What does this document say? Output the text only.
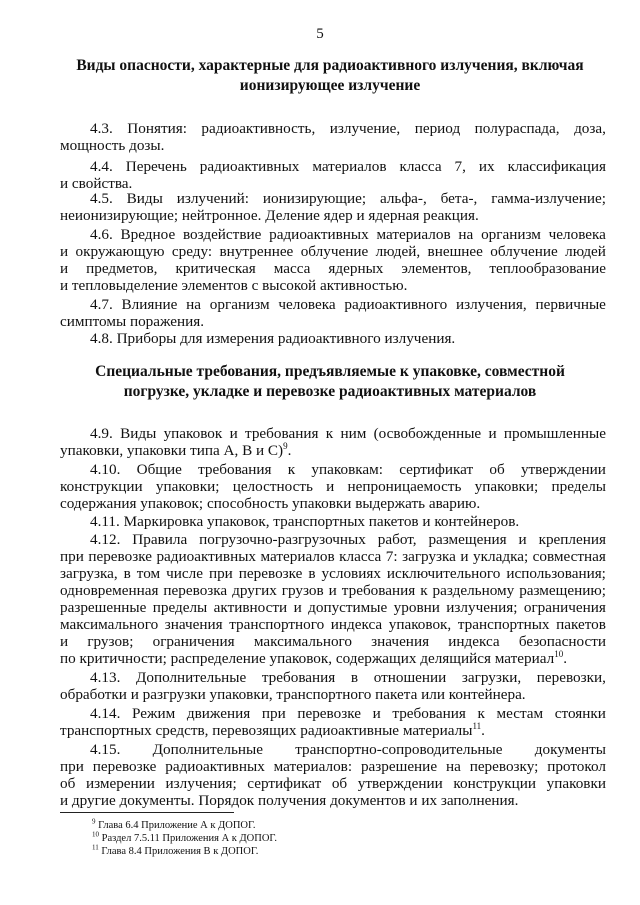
5
Виды опасности, характерные для радиоактивного излучения, включая
ионизирующее излучение
Специальные требования, предъявляемые к упаковке, совместной
погрузке, укладке и перевозке радиоактивных материалов
4.3. Понятия: радиоактивность, излучение, период полураспада, доза,
мощность дозы.
4.4. Перечень радиоактивных материалов класса 7, их классификация
и свойства.
4.5. Виды излучений: ионизирующие; альфа-, бета-, гамма-излучение;
неионизирующие; нейтронное. Деление ядер и ядерная реакция.
4.6. Вредное воздействие радиоактивных материалов на организм человека
и окружающую среду: внутреннее облучение людей, внешнее облучение людей
и предметов, критическая масса ядерных элементов, теплообразование
и тепловыделение элементов с высокой активностью.
4.7. Влияние на организм человека радиоактивного излучения, первичные
симптомы поражения.
4.8. Приборы для измерения радиоактивного излучения.
4.9. Виды упаковок и требования к ним (освобожденные и промышленные
упаковки, упаковки типа А, В и С)$^9$.
4.10. Общие требования к упаковкам: сертификат об утверждении
конструкции упаковки; целостность и непроницаемость упаковки; пределы
содержания упаковок; способность упаковки выдержать аварию.
4.11. Маркировка упаковок, транспортных пакетов и контейнеров.
4.12. Правила погрузочно-разгрузочных работ, размещения и крепления
при перевозке радиоактивных материалов класса 7: загрузка и укладка; совместная
загрузка, в том числе при перевозке в условиях исключительного использования;
одновременная перевозка других грузов и требования к раздельному размещению;
разрешенные пределы активности и допустимые уровни излучения; ограничения
максимального значения транспортного индекса упаковок, транспортных пакетов
и грузов; ограничения максимального значения индекса безопасности
по критичности; распределение упаковок, содержащих делящийся материал$^{10}$.
4.13. Дополнительные требования в отношении загрузки, перевозки,
обработки и разгрузки упаковки, транспортного пакета или контейнера.
4.14. Режим движения при перевозке и требования к местам стоянки
транспортных средств, перевозящих радиоактивные материалы$^{11}$.
4.15. Дополнительные транспортно-сопроводительные документы
при перевозке радиоактивных материалов: разрешение на перевозку; протокол
об измерении излучения; сертификат об утверждении конструкции упаковки
и другие документы. Порядок получения документов и их заполнения.
$^9$ Глава 6.4 Приложение А к ДОПОГ.
$^{10}$ Раздел 7.5.11 Приложения А к ДОПОГ.
$^{11}$ Глава 8.4 Приложения В к ДОПОГ.
